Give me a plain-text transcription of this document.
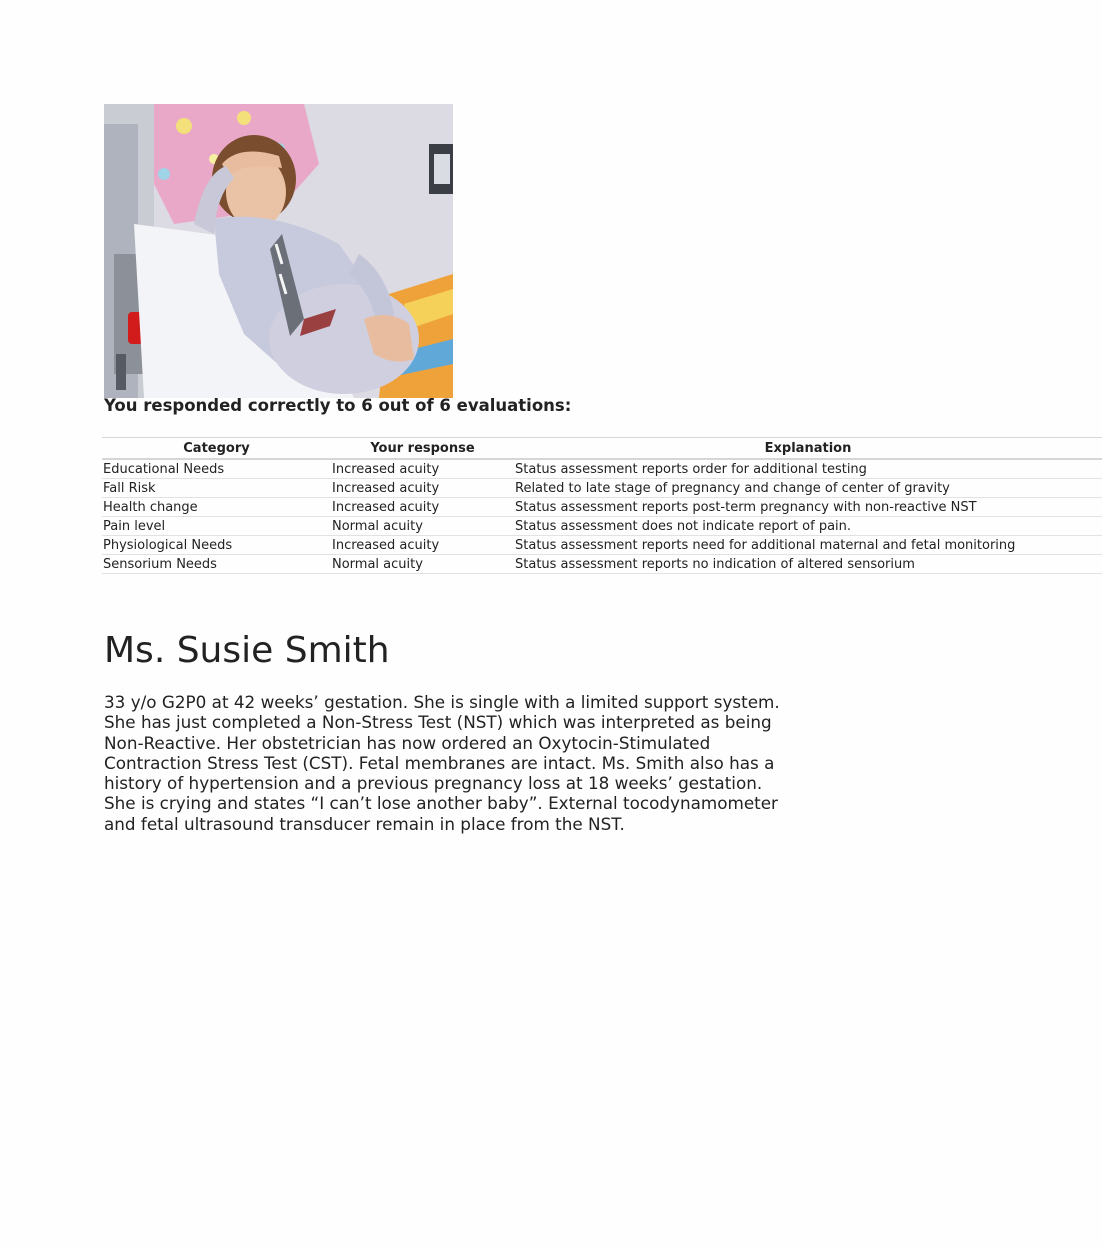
You responded correctly to 6 out of 6 evaluations:
Category	Your response	Explanation
Educational Needs	Increased acuity	Status assessment reports order for additional testing
Fall Risk	Increased acuity	Related to late stage of pregnancy and change of center of gravity
Health change	Increased acuity	Status assessment reports post-term pregnancy with non-reactive NST
Pain level	Normal acuity	Status assessment does not indicate report of pain.
Physiological Needs	Increased acuity	Status assessment reports need for additional maternal and fetal monitoring
Sensorium Needs	Normal acuity	Status assessment reports no indication of altered sensorium
Ms. Susie Smith

33 y/o G2P0 at 42 weeks’ gestation. She is single with a limited support system. She has just completed a Non-Stress Test (NST) which was interpreted as being Non-Reactive. Her obstetrician has now ordered an Oxytocin-Stimulated Contraction Stress Test (CST). Fetal membranes are intact. Ms. Smith also has a history of hypertension and a previous pregnancy loss at 18 weeks’ gestation. She is crying and states “I can’t lose another baby”. External tocodynamometer and fetal ultrasound transducer remain in place from the NST.
